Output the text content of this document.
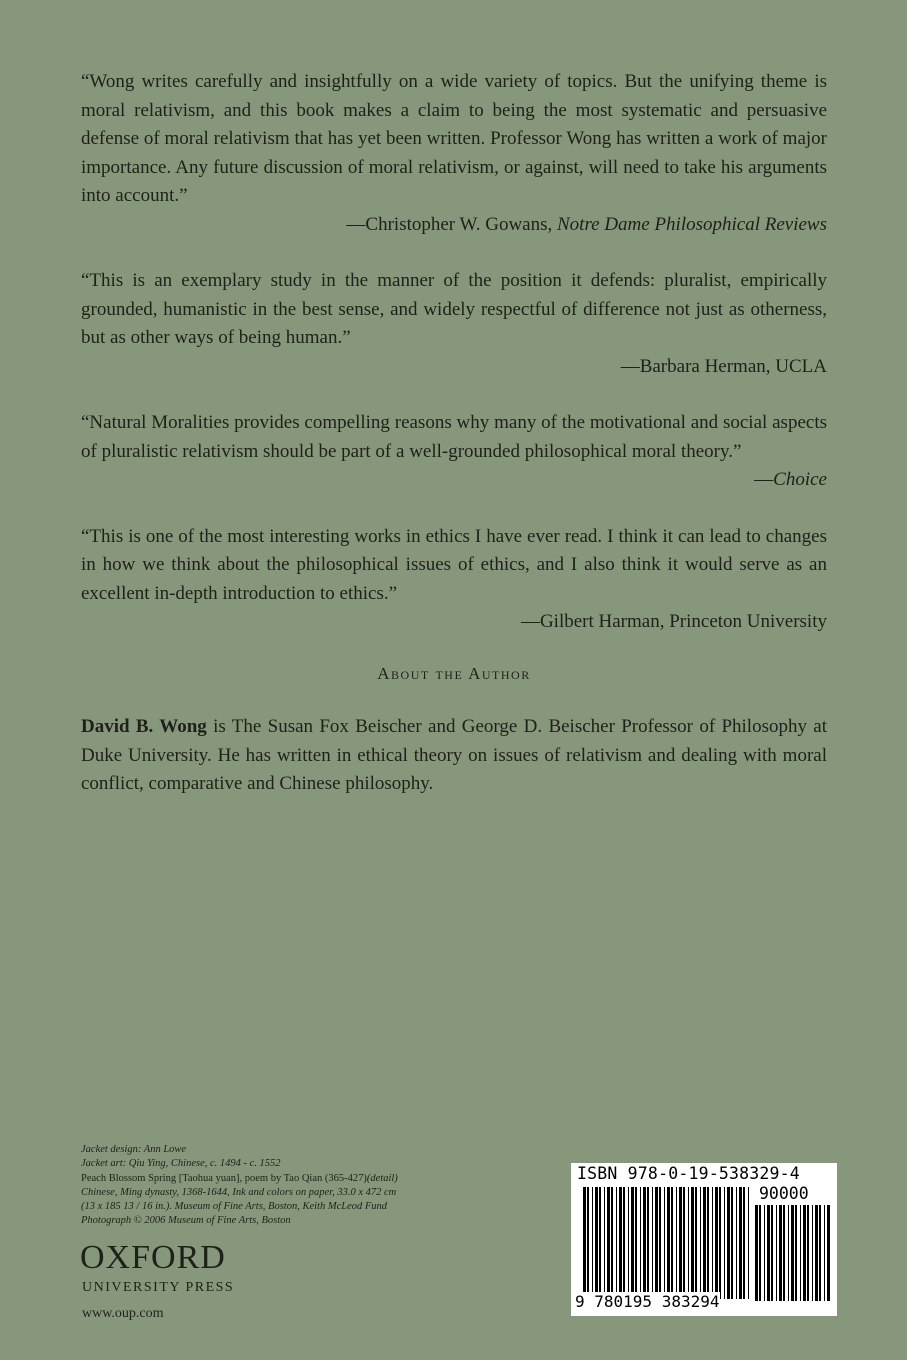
“Wong writes carefully and insightfully on a wide variety of topics. But the unifying theme is moral relativism, and this book makes a claim to being the most systematic and persuasive defense of moral relativism that has yet been written. Professor Wong has written a work of major importance. Any future discussion of moral relativism, or against, will need to take his arguments into account.”

—Christopher W. Gowans, Notre Dame Philosophical Reviews

“This is an exemplary study in the manner of the position it defends: pluralist, empirically grounded, humanistic in the best sense, and widely respectful of difference not just as otherness, but as other ways of being human.”

—Barbara Herman, UCLA

“Natural Moralities provides compelling reasons why many of the motivational and social aspects of pluralistic relativism should be part of a well-grounded philosophical moral theory.”

—Choice

“This is one of the most interesting works in ethics I have ever read. I think it can lead to changes in how we think about the philosophical issues of ethics, and I also think it would serve as an excellent in-depth introduction to ethics.”

—Gilbert Harman, Princeton University

About the Author

David B. Wong is The Susan Fox Beischer and George D. Beischer Professor of Philosophy at Duke University. He has written in ethical theory on issues of relativism and dealing with moral conflict, comparative and Chinese philosophy.

Jacket design: Ann Lowe
Jacket art: Qiu Ying, Chinese, c. 1494 - c. 1552
Peach Blossom Spring [Taohua yuan], poem by Tao Qian (365-427)(detail)
Chinese, Ming dynasty, 1368-1644, Ink and colors on paper, 33.0 x 472 cm
(13 x 185 13 / 16 in.). Museum of Fine Arts, Boston, Keith McLeod Fund
Photograph © 2006 Museum of Fine Arts, Boston
OXFORD
UNIVERSITY PRESS
www.oup.com
ISBN 978-0-19-538329-4
90000
9 780195 383294
